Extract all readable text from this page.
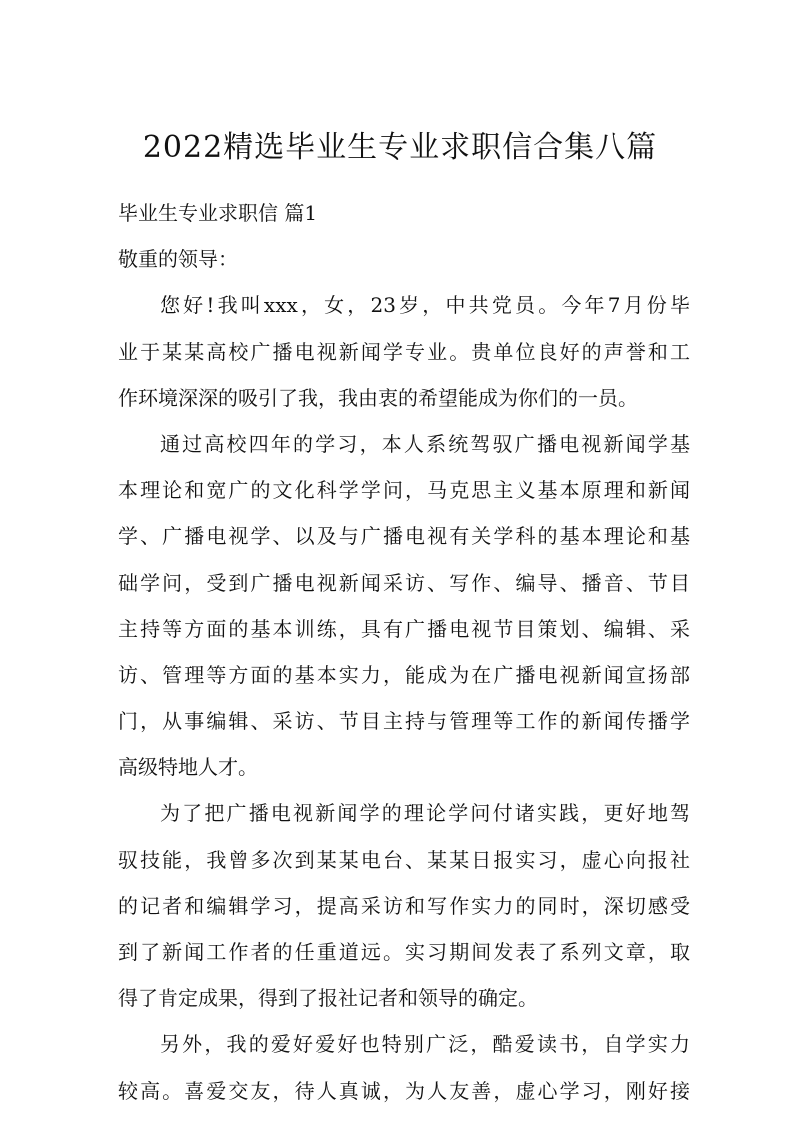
2022精选毕业生专业求职信合集八篇
毕业生专业求职信 篇1
敬重的领导：
您好!我叫xxx，女，23岁，中共党员。今年7月份毕
业于某某高校广播电视新闻学专业。贵单位良好的声誉和工
作环境深深的吸引了我，我由衷的希望能成为你们的一员。
通过高校四年的学习，本人系统驾驭广播电视新闻学基
本理论和宽广的文化科学学问，马克思主义基本原理和新闻
学、广播电视学、以及与广播电视有关学科的基本理论和基
础学问，受到广播电视新闻采访、写作、编导、播音、节目
主持等方面的基本训练，具有广播电视节目策划、编辑、采
访、管理等方面的基本实力，能成为在广播电视新闻宣扬部
门，从事编辑、采访、节目主持与管理等工作的新闻传播学
高级特地人才。
为了把广播电视新闻学的理论学问付诸实践，更好地驾
驭技能，我曾多次到某某电台、某某日报实习，虚心向报社
的记者和编辑学习，提高采访和写作实力的同时，深切感受
到了新闻工作者的任重道远。实习期间发表了系列文章，取
得了肯定成果，得到了报社记者和领导的确定。
另外，我的爱好爱好也特别广泛，酷爱读书，自学实力
较高。喜爱交友，待人真诚，为人友善，虚心学习，刚好接
